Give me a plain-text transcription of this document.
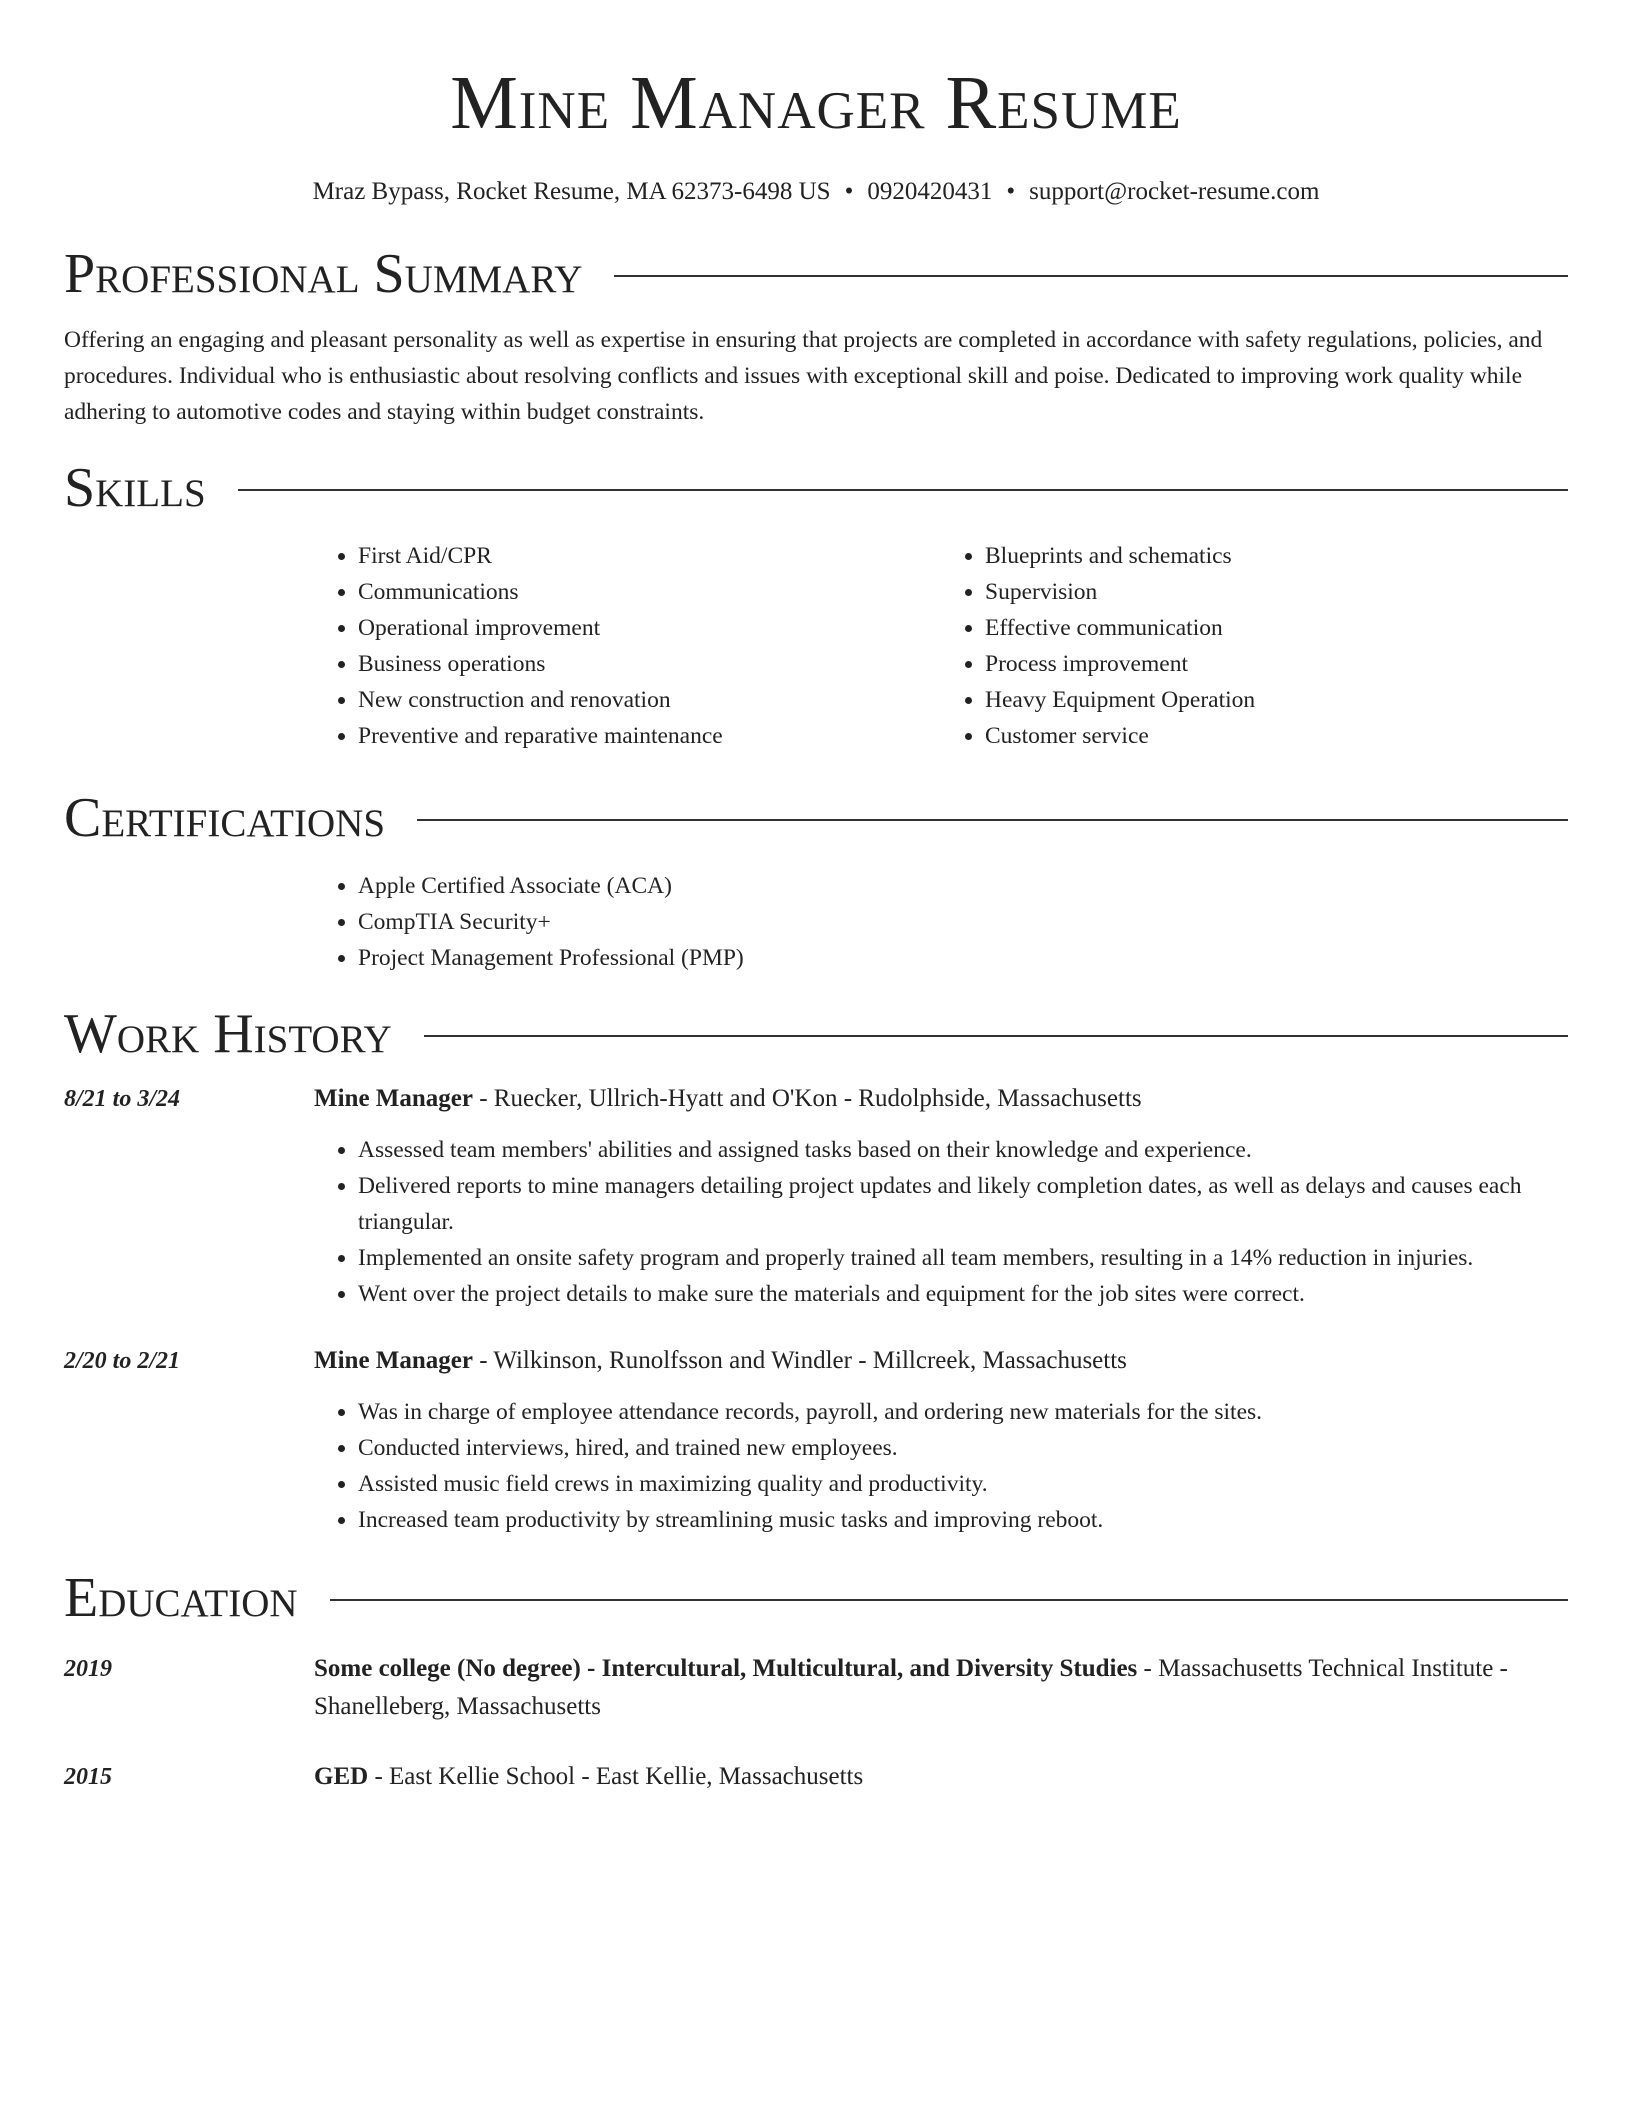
Mine Manager Resume
Mraz Bypass, Rocket Resume, MA 62373-6498 US • 0920420431 • support@rocket-resume.com
Professional Summary

Offering an engaging and pleasant personality as well as expertise in ensuring that projects are completed in accordance with safety regulations, policies, and procedures. Individual who is enthusiastic about resolving conflicts and issues with exceptional skill and poise. Dedicated to improving work quality while adhering to automotive codes and staying within budget constraints.

Skills
• First Aid/CPR
• Communications
• Operational improvement
• Business operations
• New construction and renovation
• Preventive and reparative maintenance
• Blueprints and schematics
• Supervision
• Effective communication
• Process improvement
• Heavy Equipment Operation
• Customer service
Certifications
• Apple Certified Associate (ACA)
• CompTIA Security+
• Project Management Professional (PMP)
Work History
8/21 to 3/24	Mine Manager - Ruecker, Ullrich-Hyatt and O'Kon - Rudolphside, Massachusetts
• Assessed team members' abilities and assigned tasks based on their knowledge and experience.
• Delivered reports to mine managers detailing project updates and likely completion dates, as well as delays and causes each triangular.
• Implemented an onsite safety program and properly trained all team members, resulting in a 14% reduction in injuries.
• Went over the project details to make sure the materials and equipment for the job sites were correct.
2/20 to 2/21	Mine Manager - Wilkinson, Runolfsson and Windler - Millcreek, Massachusetts
• Was in charge of employee attendance records, payroll, and ordering new materials for the sites.
• Conducted interviews, hired, and trained new employees.
• Assisted music field crews in maximizing quality and productivity.
• Increased team productivity by streamlining music tasks and improving reboot.
Education
2019	Some college (No degree) - Intercultural, Multicultural, and Diversity Studies - Massachusetts Technical Institute - Shanelleberg, Massachusetts
2015	GED - East Kellie School - East Kellie, Massachusetts
